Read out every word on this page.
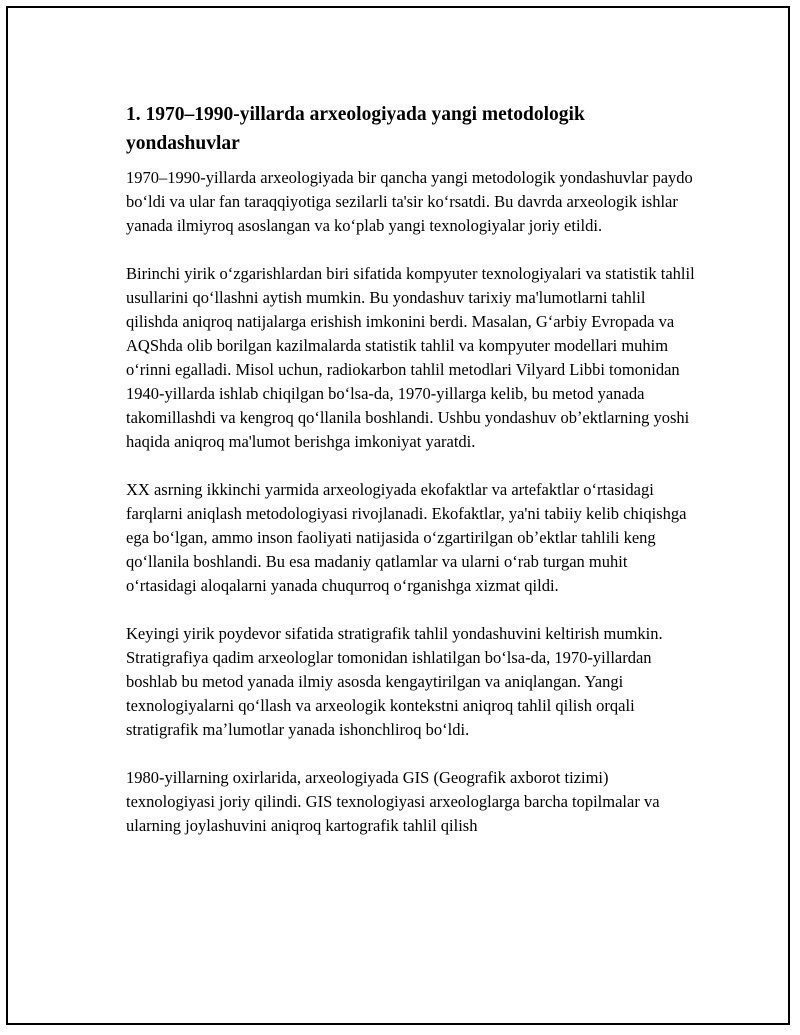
1. 1970–1990-yillarda arxeologiyada yangi metodologik yondashuvlar

1970–1990-yillarda arxeologiyada bir qancha yangi metodologik yondashuvlar paydo boʻldi va ular fan taraqqiyotiga sezilarli ta'sir koʻrsatdi. Bu davrda arxeologik ishlar yanada ilmiyroq asoslangan va koʻplab yangi texnologiyalar joriy etildi.

Birinchi yirik oʻzgarishlardan biri sifatida kompyuter texnologiyalari va statistik tahlil usullarini qoʻllashni aytish mumkin. Bu yondashuv tarixiy ma'lumotlarni tahlil qilishda aniqroq natijalarga erishish imkonini berdi. Masalan, Gʻarbiy Evropada va AQShda olib borilgan kazilmalarda statistik tahlil va kompyuter modellari muhim oʻrinni egalladi. Misol uchun, radiokarbon tahlil metodlari Vilyard Libbi tomonidan 1940-yillarda ishlab chiqilgan boʻlsa-da, 1970-yillarga kelib, bu metod yanada takomillashdi va kengroq qoʻllanila boshlandi. Ushbu yondashuv obʼektlarning yoshi haqida aniqroq ma'lumot berishga imkoniyat yaratdi.

XX asrning ikkinchi yarmida arxeologiyada ekofaktlar va artefaktlar oʻrtasidagi farqlarni aniqlash metodologiyasi rivojlanadi. Ekofaktlar, ya'ni tabiiy kelib chiqishga ega boʻlgan, ammo inson faoliyati natijasida oʻzgartirilgan obʼektlar tahlili keng qoʻllanila boshlandi. Bu esa madaniy qatlamlar va ularni oʻrab turgan muhit oʻrtasidagi aloqalarni yanada chuqurroq oʻrganishga xizmat qildi.

Keyingi yirik poydevor sifatida stratigrafik tahlil yondashuvini keltirish mumkin. Stratigrafiya qadim arxeologlar tomonidan ishlatilgan boʻlsa-da, 1970-yillardan boshlab bu metod yanada ilmiy asosda kengaytirilgan va aniqlangan. Yangi texnologiyalarni qoʻllash va arxeologik kontekstni aniqroq tahlil qilish orqali stratigrafik maʼlumotlar yanada ishonchliroq boʻldi.

1980-yillarning oxirlarida, arxeologiyada GIS (Geografik axborot tizimi) texnologiyasi joriy qilindi. GIS texnologiyasi arxeologlarga barcha topilmalar va ularning joylashuvini aniqroq kartografik tahlil qilish
